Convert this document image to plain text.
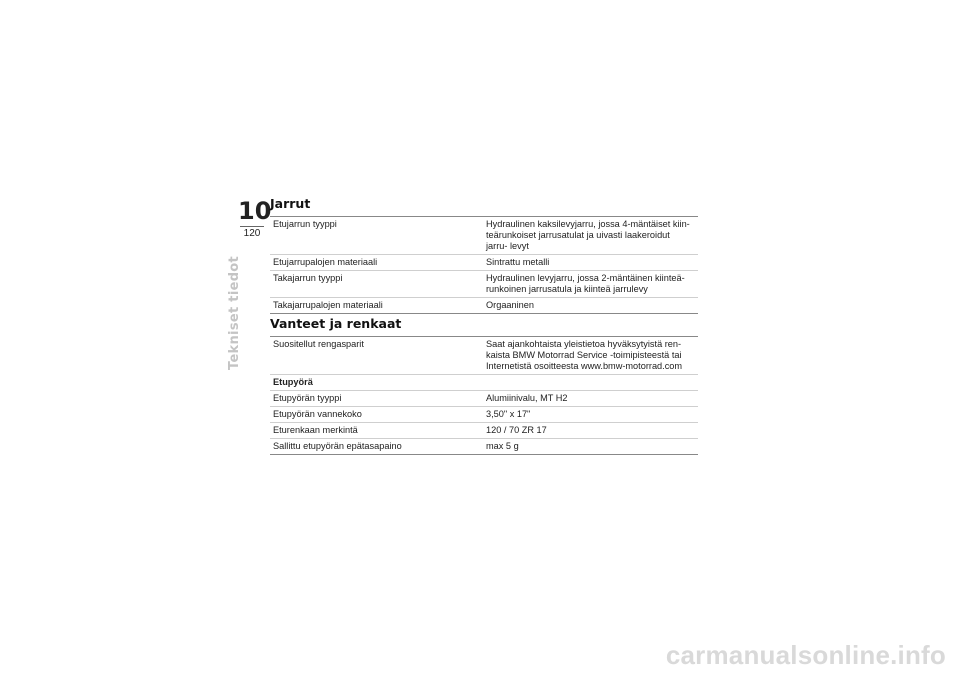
10
120
Tekniset tiedot
Jarrut
Etujarrun tyyppi	Hydraulinen kaksilevyjarru, jossa 4-mäntäiset kiin- teärunkoiset jarrusatulat ja uivasti laakeroidut jarru- levyt
Etujarrupalojen materiaali	Sintrattu metalli
Takajarrun tyyppi	Hydraulinen levyjarru, jossa 2-mäntäinen kiinteä- runkoinen jarrusatula ja kiinteä jarrulevy
Takajarrupalojen materiaali	Orgaaninen
Vanteet ja renkaat
Suositellut rengasparit	Saat ajankohtaista yleistietoa hyväksytyistä ren- kaista BMW Motorrad Service -toimipisteestä tai Internetistä osoitteesta www.bmw-motorrad.com
Etupyörä
Etupyörän tyyppi	Alumiinivalu, MT H2
Etupyörän vannekoko	3,50" x 17"
Eturenkaan merkintä	120 / 70 ZR 17
Sallittu etupyörän epätasapaino	max 5 g
carmanualsonline.info
